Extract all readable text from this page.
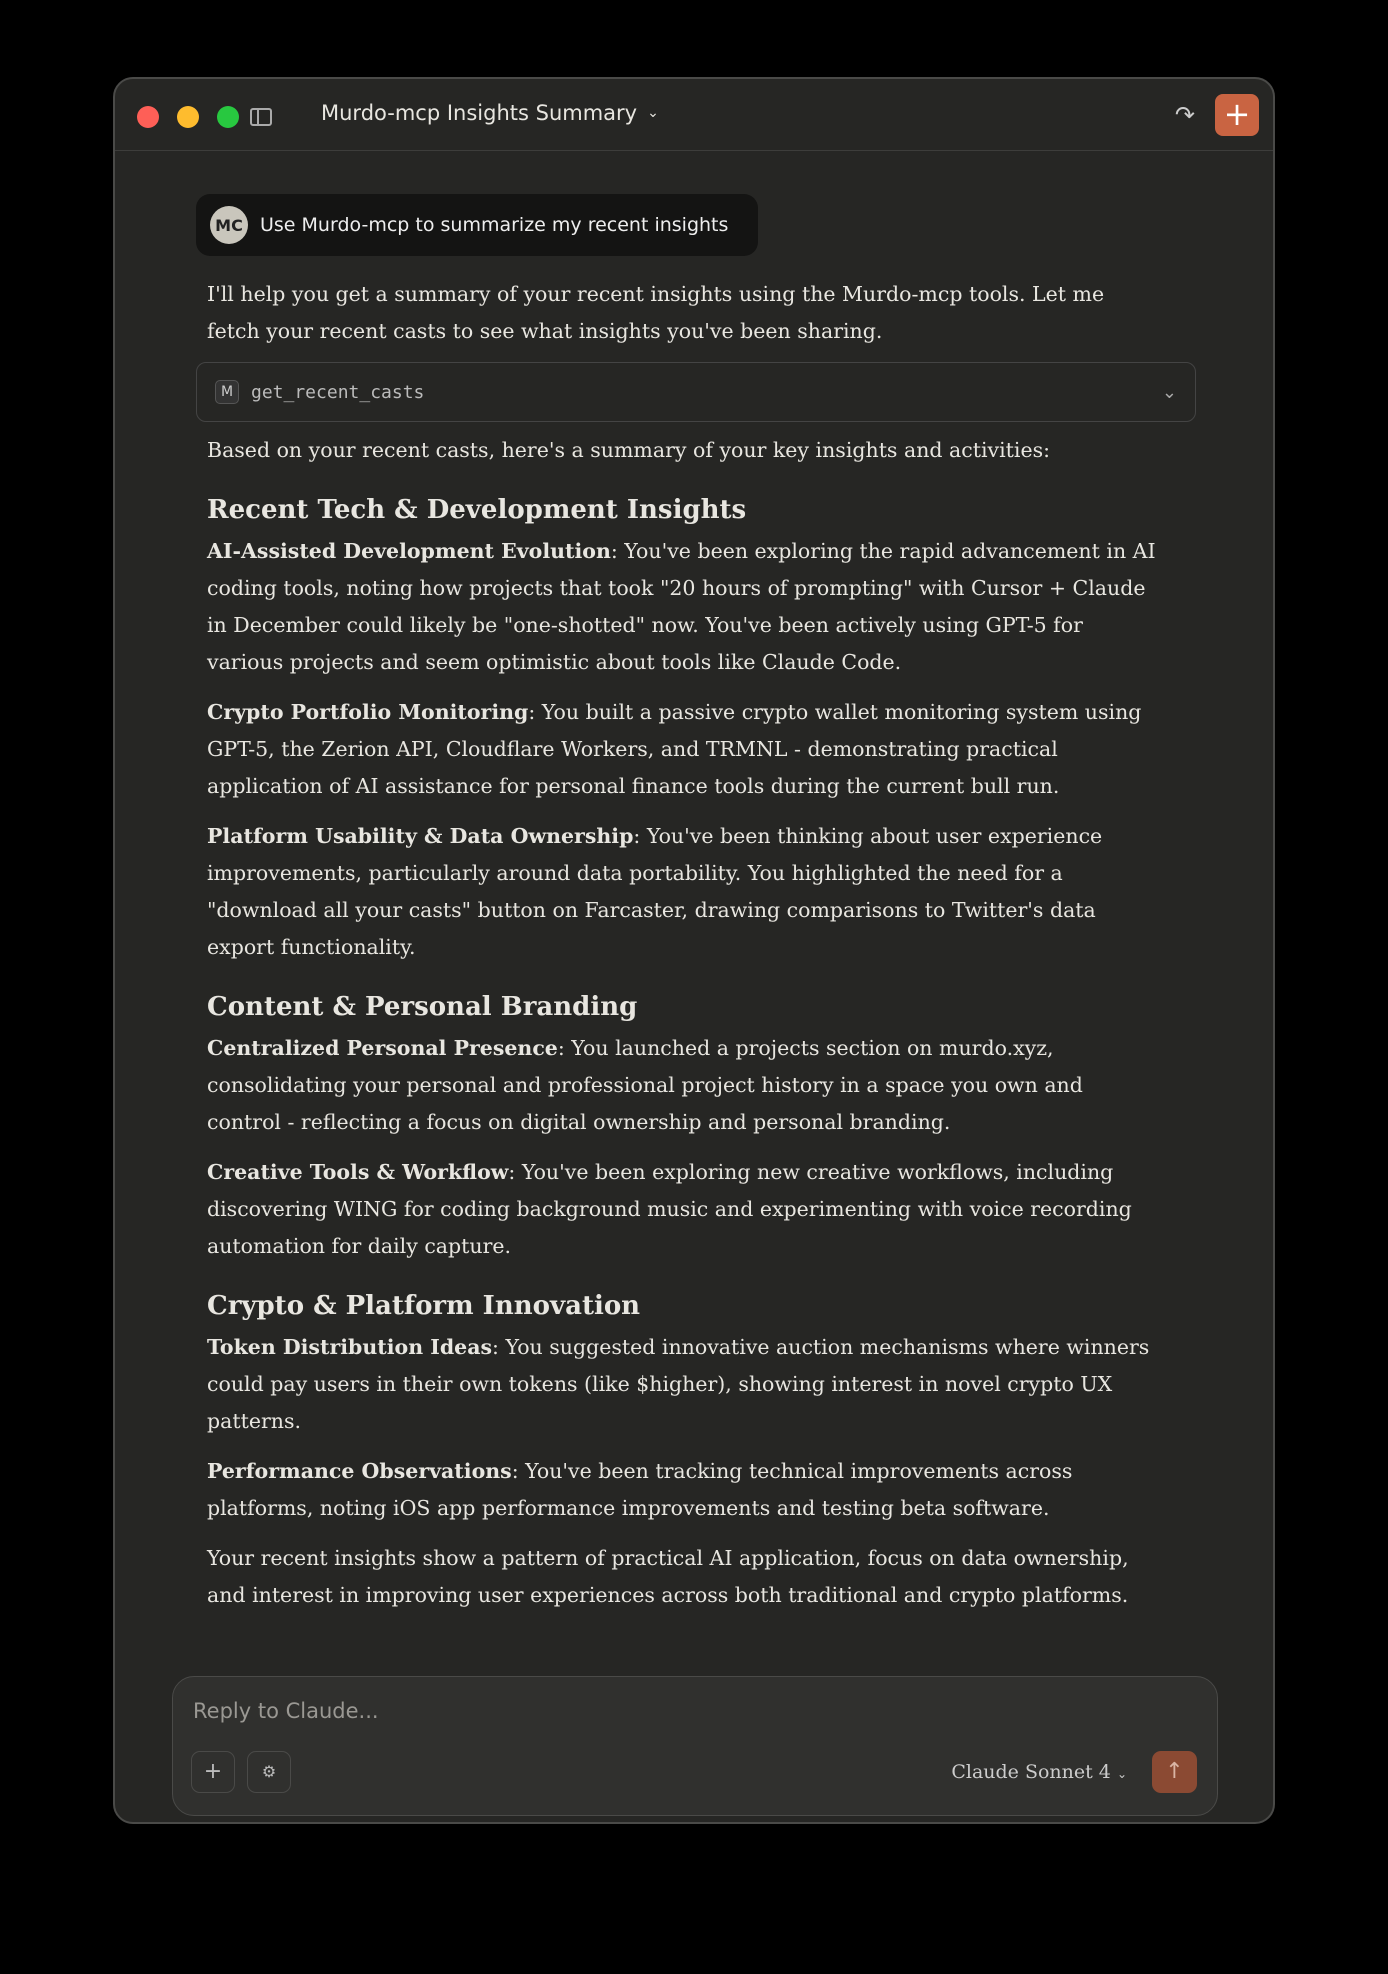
Murdo-mcp Insights Summary ⌄	↷ +
MC Use Murdo-mcp to summarize my recent insights

I'll help you get a summary of your recent insights using the Murdo-mcp tools. Let me fetch your recent casts to see what insights you've been sharing.

M get_recent_casts	⌄

Based on your recent casts, here's a summary of your key insights and activities:

Recent Tech & Development Insights

AI-Assisted Development Evolution: You've been exploring the rapid advancement in AI coding tools, noting how projects that took "20 hours of prompting" with Cursor + Claude in December could likely be "one-shotted" now. You've been actively using GPT-5 for various projects and seem optimistic about tools like Claude Code.

Crypto Portfolio Monitoring: You built a passive crypto wallet monitoring system using GPT-5, the Zerion API, Cloudflare Workers, and TRMNL - demonstrating practical application of AI assistance for personal finance tools during the current bull run.

Platform Usability & Data Ownership: You've been thinking about user experience improvements, particularly around data portability. You highlighted the need for a "download all your casts" button on Farcaster, drawing comparisons to Twitter's data export functionality.

Content & Personal Branding

Centralized Personal Presence: You launched a projects section on murdo.xyz, consolidating your personal and professional project history in a space you own and control - reflecting a focus on digital ownership and personal branding.

Creative Tools & Workflow: You've been exploring new creative workflows, including discovering WING for coding background music and experimenting with voice recording automation for daily capture.

Crypto & Platform Innovation

Token Distribution Ideas: You suggested innovative auction mechanisms where winners could pay users in their own tokens (like $higher), showing interest in novel crypto UX patterns.

Performance Observations: You've been tracking technical improvements across platforms, noting iOS app performance improvements and testing beta software.

Your recent insights show a pattern of practical AI application, focus on data ownership, and interest in improving user experiences across both traditional and crypto platforms.

Reply to Claude...
+	⚙	Claude Sonnet 4 ⌄	↑
